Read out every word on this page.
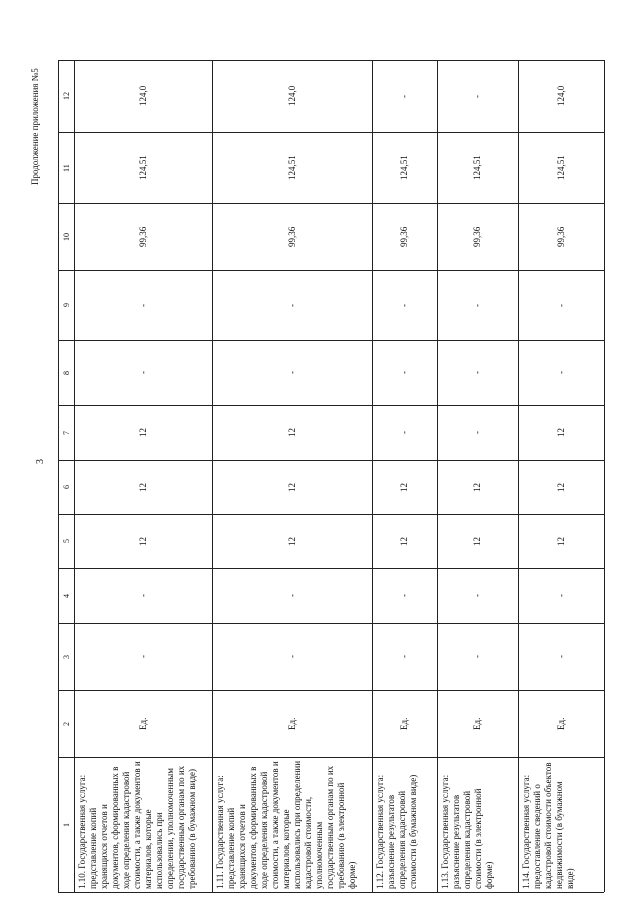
Продолжение приложения №5
3
1
2
3
4
5
6
7
8
9
10
11
12
1.10. Государственная услуга: представление копий хранящихся отчетов и документов, сформированных в ходе определения кадастровой стоимости, а также документов и материалов, которые использовались при определении, уполномоченным государственным органам по их требованию (в бумажном виде)
Ед.
-
-
12
12
12
-
-
99,36
124,51
124,0
1.11. Государственная услуга: представление копий хранящихся отчетов и документов, сформированных в ходе определения кадастровой стоимости, а также документов и материалов, которые использовались при определении кадастровой стоимости, уполномоченным государственным органам по их требованию (в электронной форме)
Ед.
-
-
12
12
12
-
-
99,36
124,51
124,0
1.12. Государственная услуга: разъяснение результатов определения кадастровой стоимости (в бумажном виде)
Ед.
-
-
12
12
-
-
-
99,36
124,51
-
1.13. Государственная услуга: разъяснение результатов определения кадастровой стоимости (в электронной форме)
Ед.
-
-
12
12
-
-
-
99,36
124,51
-
1.14. Государственная услуга: предоставление сведений о кадастровой стоимости объектов недвижимости (в бумажном виде)
Ед.
-
-
12
12
12
-
-
99,36
124,51
124,0
